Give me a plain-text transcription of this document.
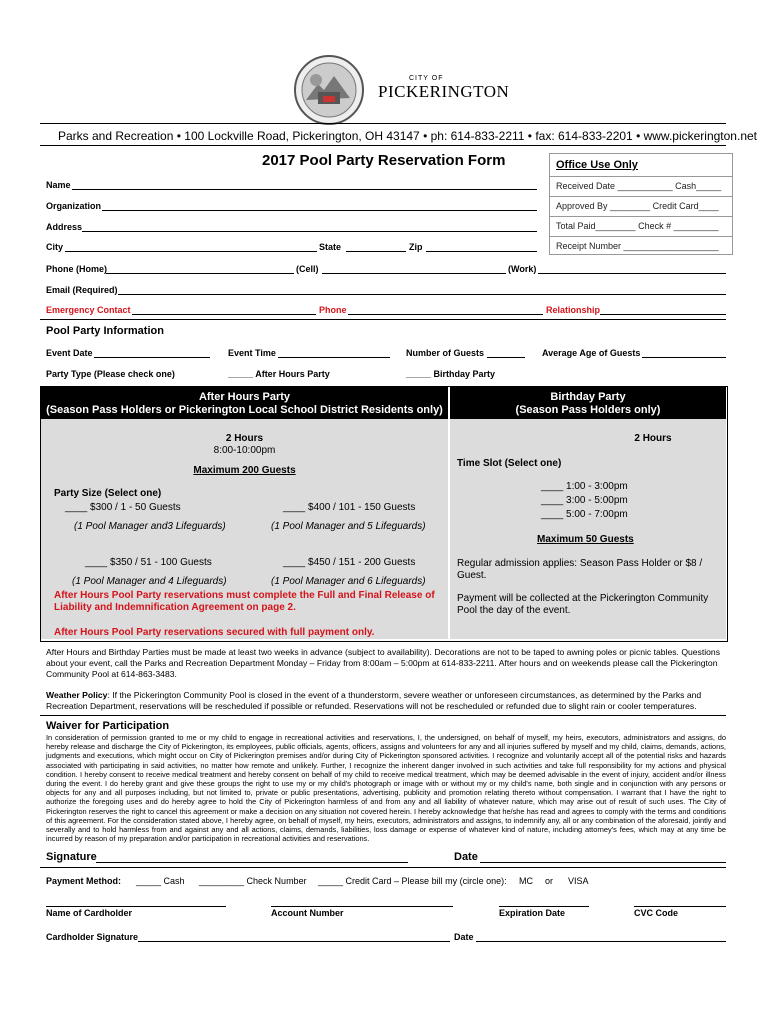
CITY OF
PICKERINGTON
Parks and Recreation • 100 Lockville Road, Pickerington, OH 43147 • ph: 614-833-2211 • fax: 614-833-2201 • www.pickerington.net
2017 Pool Party Reservation Form	Office Use Only
Received Date ___________ Cash_____
Approved By ________ Credit Card____
Total Paid________ Check # _________
Receipt Number ___________________
Name
Organization
Address
City	State	Zip
Phone (Home)	(Cell)	(Work)
Email (Required)
Emergency Contact	Phone	Relationship
Pool Party Information
Event Date	Event Time	Number of Guests	Average Age of Guests
Party Type (Please check one)	_____ After Hours Party	_____ Birthday Party
After Hours Party
(Season Pass Holders or Pickerington Local School District Residents only)
Birthday Party
(Season Pass Holders only)
2 Hours
8:00-10:00pm
Maximum 200 Guests
Party Size (Select one)
____ $300 / 1 - 50 Guests	____ $400 / 101 - 150 Guests
(1 Pool Manager and3 Lifeguards)	(1 Pool Manager and 5 Lifeguards)
____ $350 / 51 - 100 Guests	____ $450 / 151 - 200 Guests
(1 Pool Manager and 4 Lifeguards)	(1 Pool Manager and 6 Lifeguards)
After Hours Pool Party reservations must complete the Full and Final Release of Liability and Indemnification Agreement on page 2.
2 Hours
Time Slot (Select one)
____ 1:00 - 3:00pm
____ 3:00 - 5:00pm
____ 5:00 - 7:00pm
Maximum 50 Guests
Regular admission applies: Season Pass Holder or $8 / Guest.
Payment will be collected at the Pickerington Community Pool the day of the event.
After Hours Pool Party reservations secured with full payment only.
After Hours and Birthday Parties must be made at least two weeks in advance (subject to availability). Decorations are not to be taped to awning poles or picnic tables. Questions about your event, call the Parks and Recreation Department Monday – Friday from 8:00am – 5:00pm at 614-833-2211. After hours and on weekends please call the Pickerington Community Pool at 614-863-3483.
Weather Policy: If the Pickerington Community Pool is closed in the event of a thunderstorm, severe weather or unforeseen circumstances, as determined by the Parks and Recreation Department, reservations will be rescheduled if possible or refunded. Reservations will not be rescheduled or refunded due to slight rain or cooler temperatures.
Waiver for Participation
In consideration of permission granted to me or my child to engage in recreational activities and reservations, I, the undersigned, on behalf of myself, my heirs, executors, administrators and assigns, do hereby release and discharge the City of Pickerington, its employees, public officials, agents, officers, assigns and volunteers for any and all injuries suffered by myself and my child, claims, demands, actions, judgments and executions, which might occur on City of Pickerington premises and/or during City of Pickerington sponsored activities. I recognize and voluntarily accept all of the potential risks and hazards associated with participating in said activities, no matter how remote and unlikely. Further, I recognize the inherent danger involved in such activities and take full responsibility for my actions and physical condition. I hereby consent to receive medical treatment and hereby consent on behalf of my child to receive medical treatment, which may be deemed advisable in the event of injury, accident and/or illness during the event. I do hereby grant and give these groups the right to use my or my child's photograph or image with or without my or my child's name, both single and in conjunction with any persons or objects for any and all purposes including, but not limited to, private or public presentations, advertising, publicity and promotion relating thereto without compensation. I warrant that I have the right to authorize the foregoing uses and do hereby agree to hold the City of Pickerington harmless of and from any and all liability of whatever nature, which may arise out of result of such uses. The City of Pickerington reserves the right to cancel this agreement or make a decision on any situation not covered herein. I hereby acknowledge that he/she has read and agrees to comply with the terms and conditions of this agreement. For the consideration stated above, I hereby agree, on behalf of myself, my heirs, executors, administrators and assigns, to indemnify any, all or any combination of the aforesaid, jointly and severally and to hold harmless from and against any and all actions, claims, demands, liabilities, loss damage or expense of whatever kind of nature, including attorney's fees, which may at any time be incurred by reason of my preparation and/or participation in recreational activities and reservations.
Signature	Date
Payment Method: _____ Cash _________ Check Number _____ Credit Card – Please bill my (circle one): MC or VISA
Name of Cardholder	Account Number	Expiration Date	CVC Code
Cardholder Signature	Date
